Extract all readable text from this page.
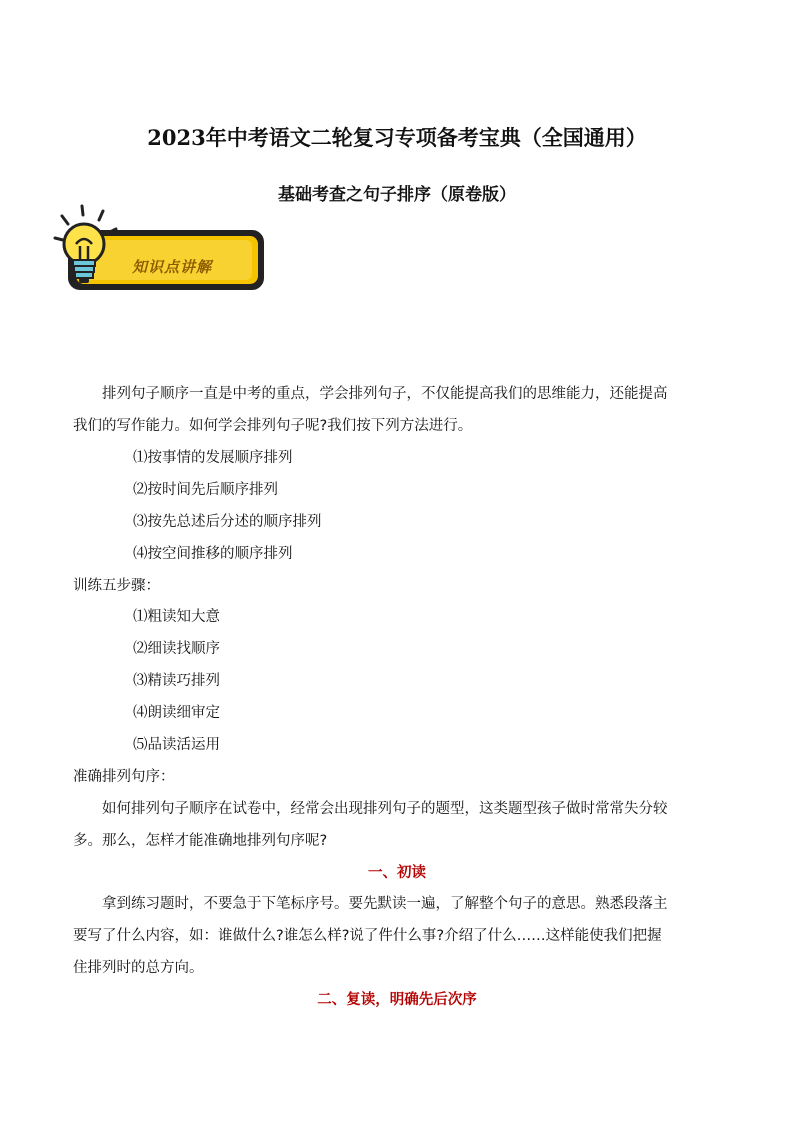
2023年中考语文二轮复习专项备考宝典（全国通用）
基础考查之句子排序（原卷版）
知识点讲解

排列句子顺序一直是中考的重点，学会排列句子，不仅能提高我们的思维能力，还能提高

我们的写作能力。如何学会排列句子呢?我们按下列方法进行。

⑴按事情的发展顺序排列

⑵按时间先后顺序排列

⑶按先总述后分述的顺序排列

⑷按空间推移的顺序排列

训练五步骤：

⑴粗读知大意

⑵细读找顺序

⑶精读巧排列

⑷朗读细审定

⑸品读活运用

准确排列句序：

如何排列句子顺序在试卷中，经常会出现排列句子的题型，这类题型孩子做时常常失分较

多。那么，怎样才能准确地排列句序呢?

一、初读

拿到练习题时，不要急于下笔标序号。要先默读一遍，了解整个句子的意思。熟悉段落主

要写了什么内容，如：谁做什么?谁怎么样?说了件什么事?介绍了什么……这样能使我们把握

住排列时的总方向。

二、复读，明确先后次序
